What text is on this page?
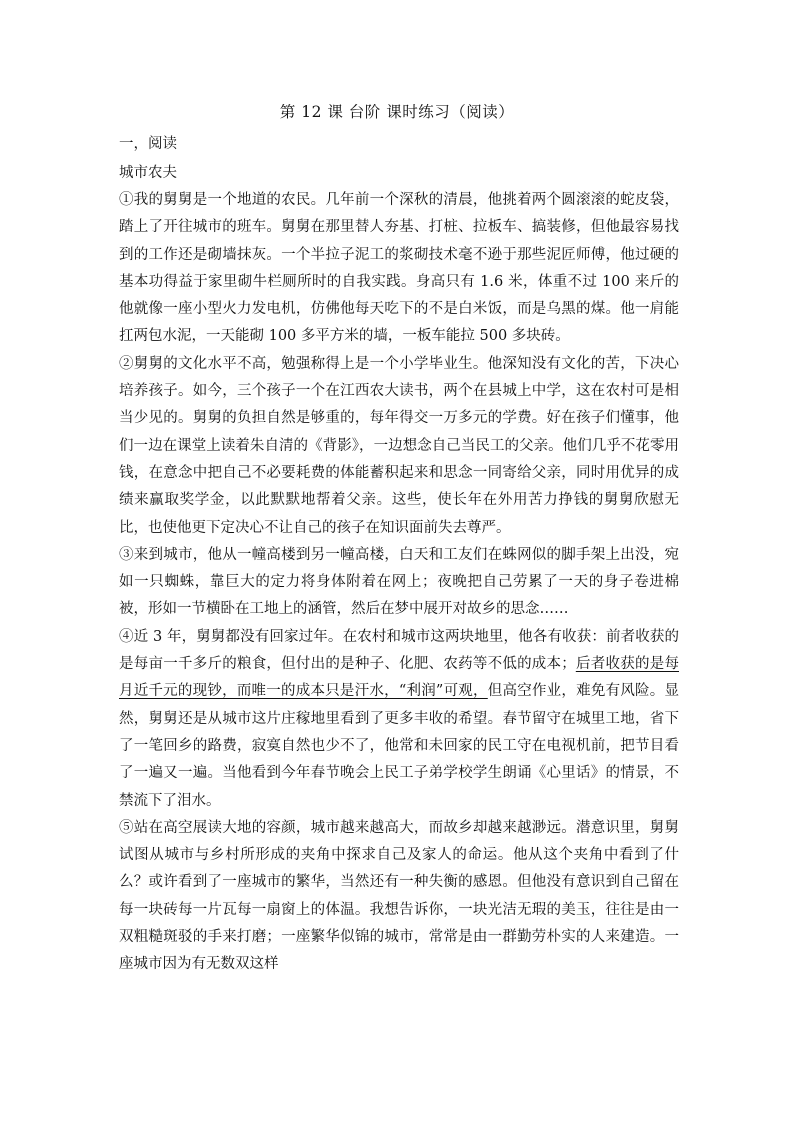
第 12 课 台阶 课时练习（阅读）

一，阅读

城市农夫

①我的舅舅是一个地道的农民。几年前一个深秋的清晨，他挑着两个圆滚滚的蛇皮袋，踏上了开往城市的班车。舅舅在那里替人夯基、打桩、拉板车、搞装修，但他最容易找到的工作还是砌墙抹灰。一个半拉子泥工的浆砌技术毫不逊于那些泥匠师傅，他过硬的基本功得益于家里砌牛栏厕所时的自我实践。身高只有 1.6 米，体重不过 100 来斤的他就像一座小型火力发电机，仿佛他每天吃下的不是白米饭，而是乌黑的煤。他一肩能扛两包水泥，一天能砌 100 多平方米的墙，一板车能拉 500 多块砖。

②舅舅的文化水平不高，勉强称得上是一个小学毕业生。他深知没有文化的苦，下决心培养孩子。如今，三个孩子一个在江西农大读书，两个在县城上中学，这在农村可是相当少见的。舅舅的负担自然是够重的，每年得交一万多元的学费。好在孩子们懂事，他们一边在课堂上读着朱自清的《背影》，一边想念自己当民工的父亲。他们几乎不花零用钱，在意念中把自己不必要耗费的体能蓄积起来和思念一同寄给父亲，同时用优异的成绩来赢取奖学金，以此默默地帮着父亲。这些，使长年在外用苦力挣钱的舅舅欣慰无比，也使他更下定决心不让自己的孩子在知识面前失去尊严。

③来到城市，他从一幢高楼到另一幢高楼，白天和工友们在蛛网似的脚手架上出没，宛如一只蜘蛛，靠巨大的定力将身体附着在网上；夜晚把自己劳累了一天的身子卷进棉被，形如一节横卧在工地上的涵管，然后在梦中展开对故乡的思念……

④近 3 年，舅舅都没有回家过年。在农村和城市这两块地里，他各有收获：前者收获的是每亩一千多斤的粮食，但付出的是种子、化肥、农药等不低的成本；后者收获的是每月近千元的现钞，而唯一的成本只是汗水，“利润”可观，但高空作业，难免有风险。显然，舅舅还是从城市这片庄稼地里看到了更多丰收的希望。春节留守在城里工地，省下了一笔回乡的路费，寂寞自然也少不了，他常和未回家的民工守在电视机前，把节目看了一遍又一遍。当他看到今年春节晚会上民工子弟学校学生朗诵《心里话》的情景，不禁流下了泪水。

⑤站在高空展读大地的容颜，城市越来越高大，而故乡却越来越渺远。潜意识里，舅舅试图从城市与乡村所形成的夹角中探求自己及家人的命运。他从这个夹角中看到了什么？或许看到了一座城市的繁华，当然还有一种失衡的感恩。但他没有意识到自己留在每一块砖每一片瓦每一扇窗上的体温。我想告诉你，一块光洁无瑕的美玉，往往是由一双粗糙斑驳的手来打磨；一座繁华似锦的城市，常常是由一群勤劳朴实的人来建造。一座城市因为有无数双这样
